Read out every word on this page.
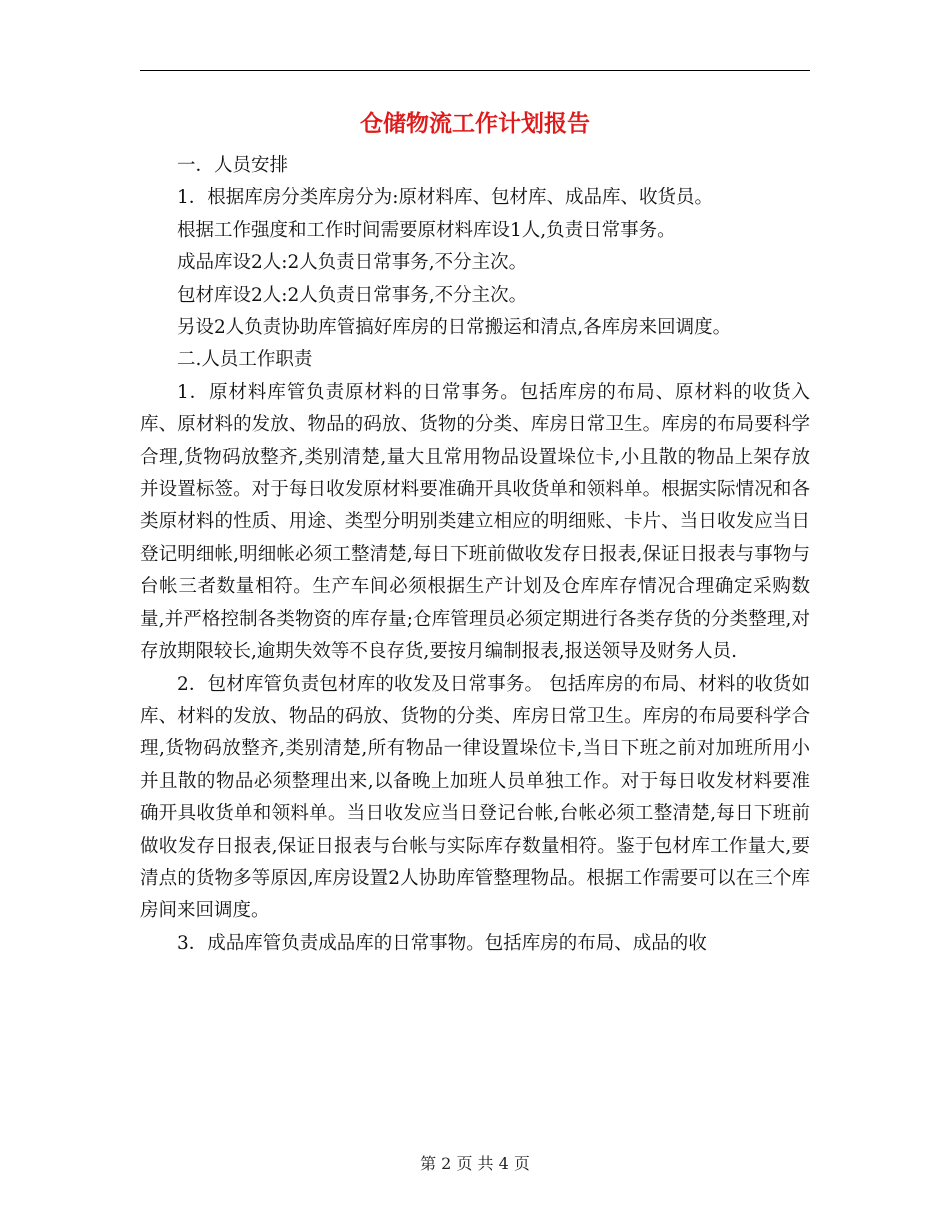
仓储物流工作计划报告

一．人员安排

1．根据库房分类库房分为:原材料库、包材库、成品库、收货员。

根据工作强度和工作时间需要原材料库设1人,负责日常事务。

成品库设2人:2人负责日常事务,不分主次。

包材库设2人:2人负责日常事务,不分主次。

另设2人负责协助库管搞好库房的日常搬运和清点,各库房来回调度。

二.人员工作职责

1．原材料库管负责原材料的日常事务。包括库房的布局、原材料的收货入库、原材料的发放、物品的码放、货物的分类、库房日常卫生。库房的布局要科学合理,货物码放整齐,类别清楚,量大且常用物品设置垛位卡,小且散的物品上架存放并设置标签。对于每日收发原材料要准确开具收货单和领料单。根据实际情况和各类原材料的性质、用途、类型分明别类建立相应的明细账、卡片、当日收发应当日登记明细帐,明细帐必须工整清楚,每日下班前做收发存日报表,保证日报表与事物与台帐三者数量相符。生产车间必须根据生产计划及仓库库存情况合理确定采购数量,并严格控制各类物资的库存量;仓库管理员必须定期进行各类存货的分类整理,对存放期限较长,逾期失效等不良存货,要按月编制报表,报送领导及财务人员.

2．包材库管负责包材库的收发及日常事务。 包括库房的布局、材料的收货如库、材料的发放、物品的码放、货物的分类、库房日常卫生。库房的布局要科学合理,货物码放整齐,类别清楚,所有物品一律设置垛位卡,当日下班之前对加班所用小并且散的物品必须整理出来,以备晚上加班人员单独工作。对于每日收发材料要准确开具收货单和领料单。当日收发应当日登记台帐,台帐必须工整清楚,每日下班前做收发存日报表,保证日报表与台帐与实际库存数量相符。鉴于包材库工作量大,要清点的货物多等原因,库房设置2人协助库管整理物品。根据工作需要可以在三个库房间来回调度。

3．成品库管负责成品库的日常事物。包括库房的布局、成品的收

第 2 页 共 4 页
